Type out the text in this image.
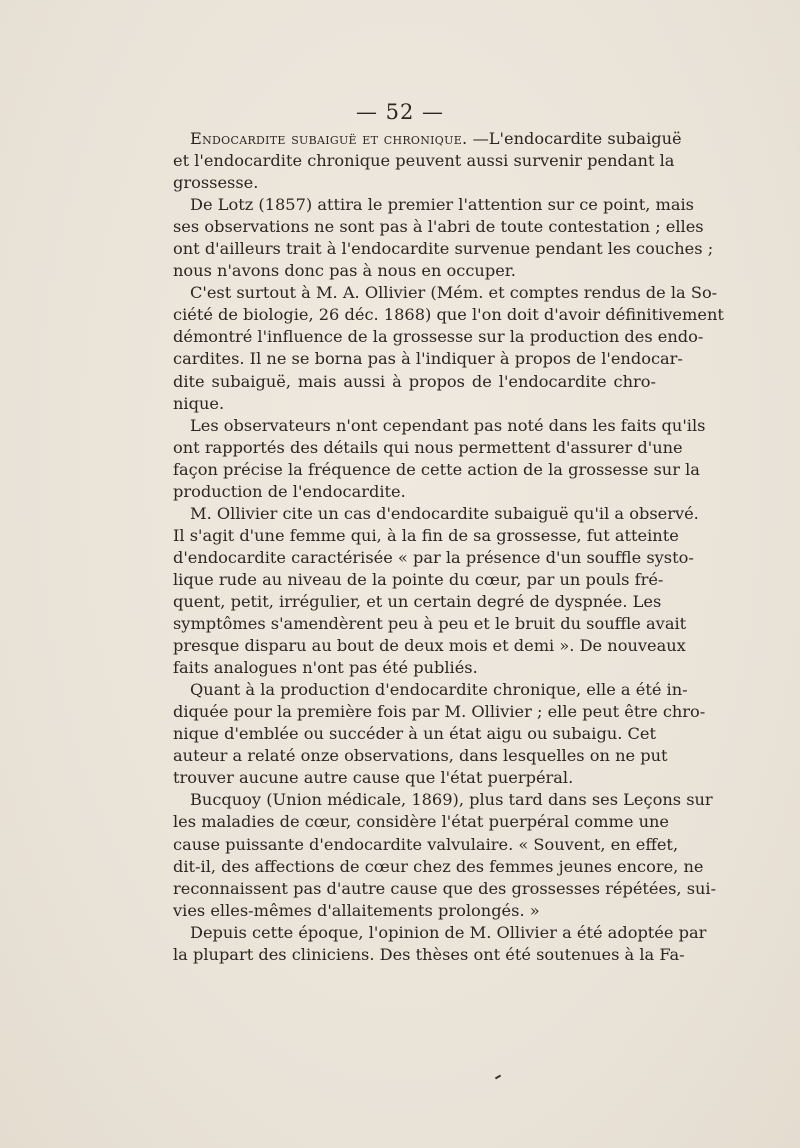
— 52 —
Endocardite subaiguë et chronique. —L'endocardite subaiguë
et l'endocardite chronique peuvent aussi survenir pendant la
grossesse.
De Lotz (1857) attira le premier l'attention sur ce point, mais
ses observations ne sont pas à l'abri de toute contestation ; elles
ont d'ailleurs trait à l'endocardite survenue pendant les couches ;
nous n'avons donc pas à nous en occuper.
C'est surtout à M. A. Ollivier (Mém. et comptes rendus de la So-
ciété de biologie, 26 déc. 1868) que l'on doit d'avoir définitivement
démontré l'influence de la grossesse sur la production des endo-
cardites. Il ne se borna pas à l'indiquer à propos de l'endocar-
dite subaiguë, mais aussi à propos de l'endocardite chro-
nique.
Les observateurs n'ont cependant pas noté dans les faits qu'ils
ont rapportés des détails qui nous permettent d'assurer d'une
façon précise la fréquence de cette action de la grossesse sur la
production de l'endocardite.
M. Ollivier cite un cas d'endocardite subaiguë qu'il a observé.
Il s'agit d'une femme qui, à la fin de sa grossesse, fut atteinte
d'endocardite caractérisée « par la présence d'un souffle systo-
lique rude au niveau de la pointe du cœur, par un pouls fré-
quent, petit, irrégulier, et un certain degré de dyspnée. Les
symptômes s'amendèrent peu à peu et le bruit du souffle avait
presque disparu au bout de deux mois et demi ». De nouveaux
faits analogues n'ont pas été publiés.
Quant à la production d'endocardite chronique, elle a été in-
diquée pour la première fois par M. Ollivier ; elle peut être chro-
nique d'emblée ou succéder à un état aigu ou subaigu. Cet
auteur a relaté onze observations, dans lesquelles on ne put
trouver aucune autre cause que l'état puerpéral.
Bucquoy (Union médicale, 1869), plus tard dans ses Leçons sur
les maladies de cœur, considère l'état puerpéral comme une
cause puissante d'endocardite valvulaire. « Souvent, en effet,
dit-il, des affections de cœur chez des femmes jeunes encore, ne
reconnaissent pas d'autre cause que des grossesses répétées, sui-
vies elles-mêmes d'allaitements prolongés. »
Depuis cette époque, l'opinion de M. Ollivier a été adoptée par
la plupart des cliniciens. Des thèses ont été soutenues à la Fa-
